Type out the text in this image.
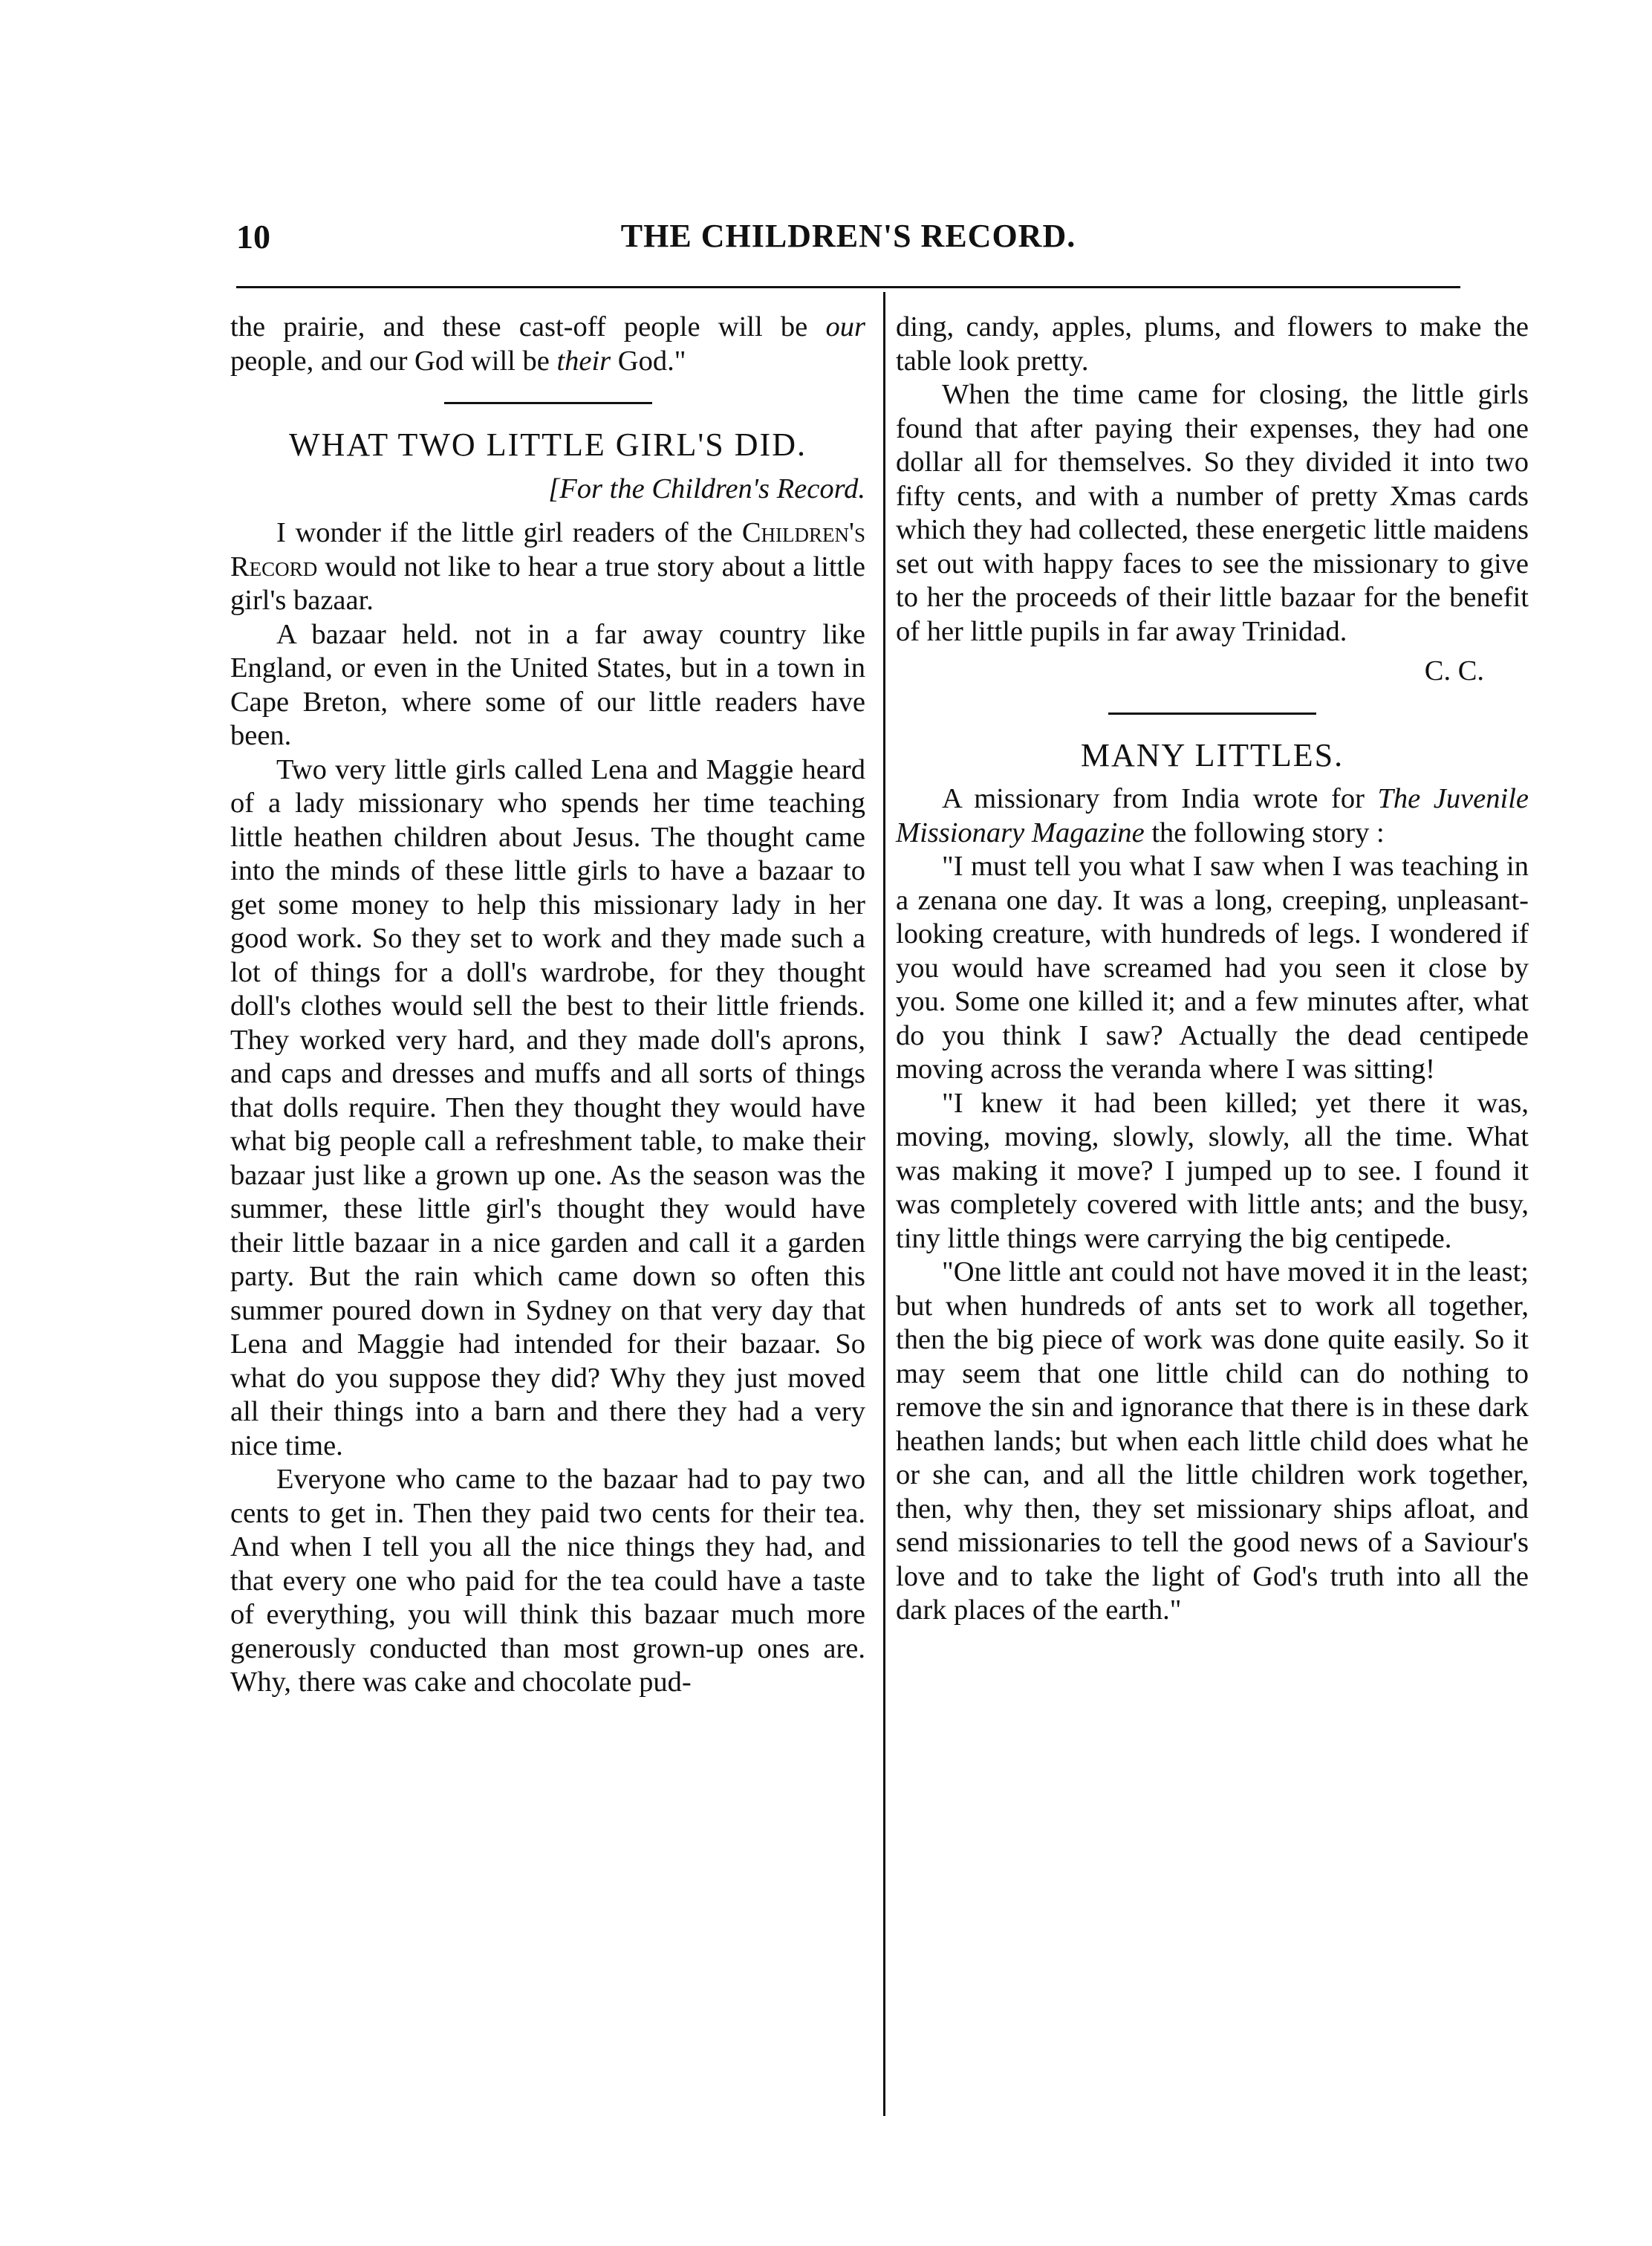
10	THE CHILDREN'S RECORD.

the prairie, and these cast-off people will be our people, and our God will be their God."

WHAT TWO LITTLE GIRL'S DID.
[For the Children's Record.

I wonder if the little girl readers of the Children's Record would not like to hear a true story about a little girl's bazaar.

A bazaar held. not in a far away country like England, or even in the United States, but in a town in Cape Breton, where some of our little readers have been.

Two very little girls called Lena and Maggie heard of a lady missionary who spends her time teaching little heathen children about Jesus. The thought came into the minds of these little girls to have a bazaar to get some money to help this missionary lady in her good work. So they set to work and they made such a lot of things for a doll's wardrobe, for they thought doll's clothes would sell the best to their little friends. They worked very hard, and they made doll's aprons, and caps and dresses and muffs and all sorts of things that dolls require. Then they thought they would have what big people call a refreshment table, to make their bazaar just like a grown up one. As the season was the summer, these little girl's thought they would have their little bazaar in a nice garden and call it a garden party. But the rain which came down so often this summer poured down in Sydney on that very day that Lena and Maggie had intended for their bazaar. So what do you suppose they did? Why they just moved all their things into a barn and there they had a very nice time.

Everyone who came to the bazaar had to pay two cents to get in. Then they paid two cents for their tea. And when I tell you all the nice things they had, and that every one who paid for the tea could have a taste of everything, you will think this bazaar much more generously conducted than most grown-up ones are. Why, there was cake and chocolate pud-

ding, candy, apples, plums, and flowers to make the table look pretty.

When the time came for closing, the little girls found that after paying their expenses, they had one dollar all for themselves. So they divided it into two fifty cents, and with a number of pretty Xmas cards which they had collected, these energetic little maidens set out with happy faces to see the missionary to give to her the proceeds of their little bazaar for the benefit of her little pupils in far away Trinidad.

C. C.
MANY LITTLES.

A missionary from India wrote for The Juvenile Missionary Magazine the following story :

"I must tell you what I saw when I was teaching in a zenana one day. It was a long, creeping, unpleasant-looking creature, with hundreds of legs. I wondered if you would have screamed had you seen it close by you. Some one killed it; and a few minutes after, what do you think I saw? Actually the dead centipede moving across the veranda where I was sitting!

"I knew it had been killed; yet there it was, moving, moving, slowly, slowly, all the time. What was making it move? I jumped up to see. I found it was completely covered with little ants; and the busy, tiny little things were carrying the big centipede.

"One little ant could not have moved it in the least; but when hundreds of ants set to work all together, then the big piece of work was done quite easily. So it may seem that one little child can do nothing to remove the sin and ignorance that there is in these dark heathen lands; but when each little child does what he or she can, and all the little children work together, then, why then, they set missionary ships afloat, and send missionaries to tell the good news of a Saviour's love and to take the light of God's truth into all the dark places of the earth."
